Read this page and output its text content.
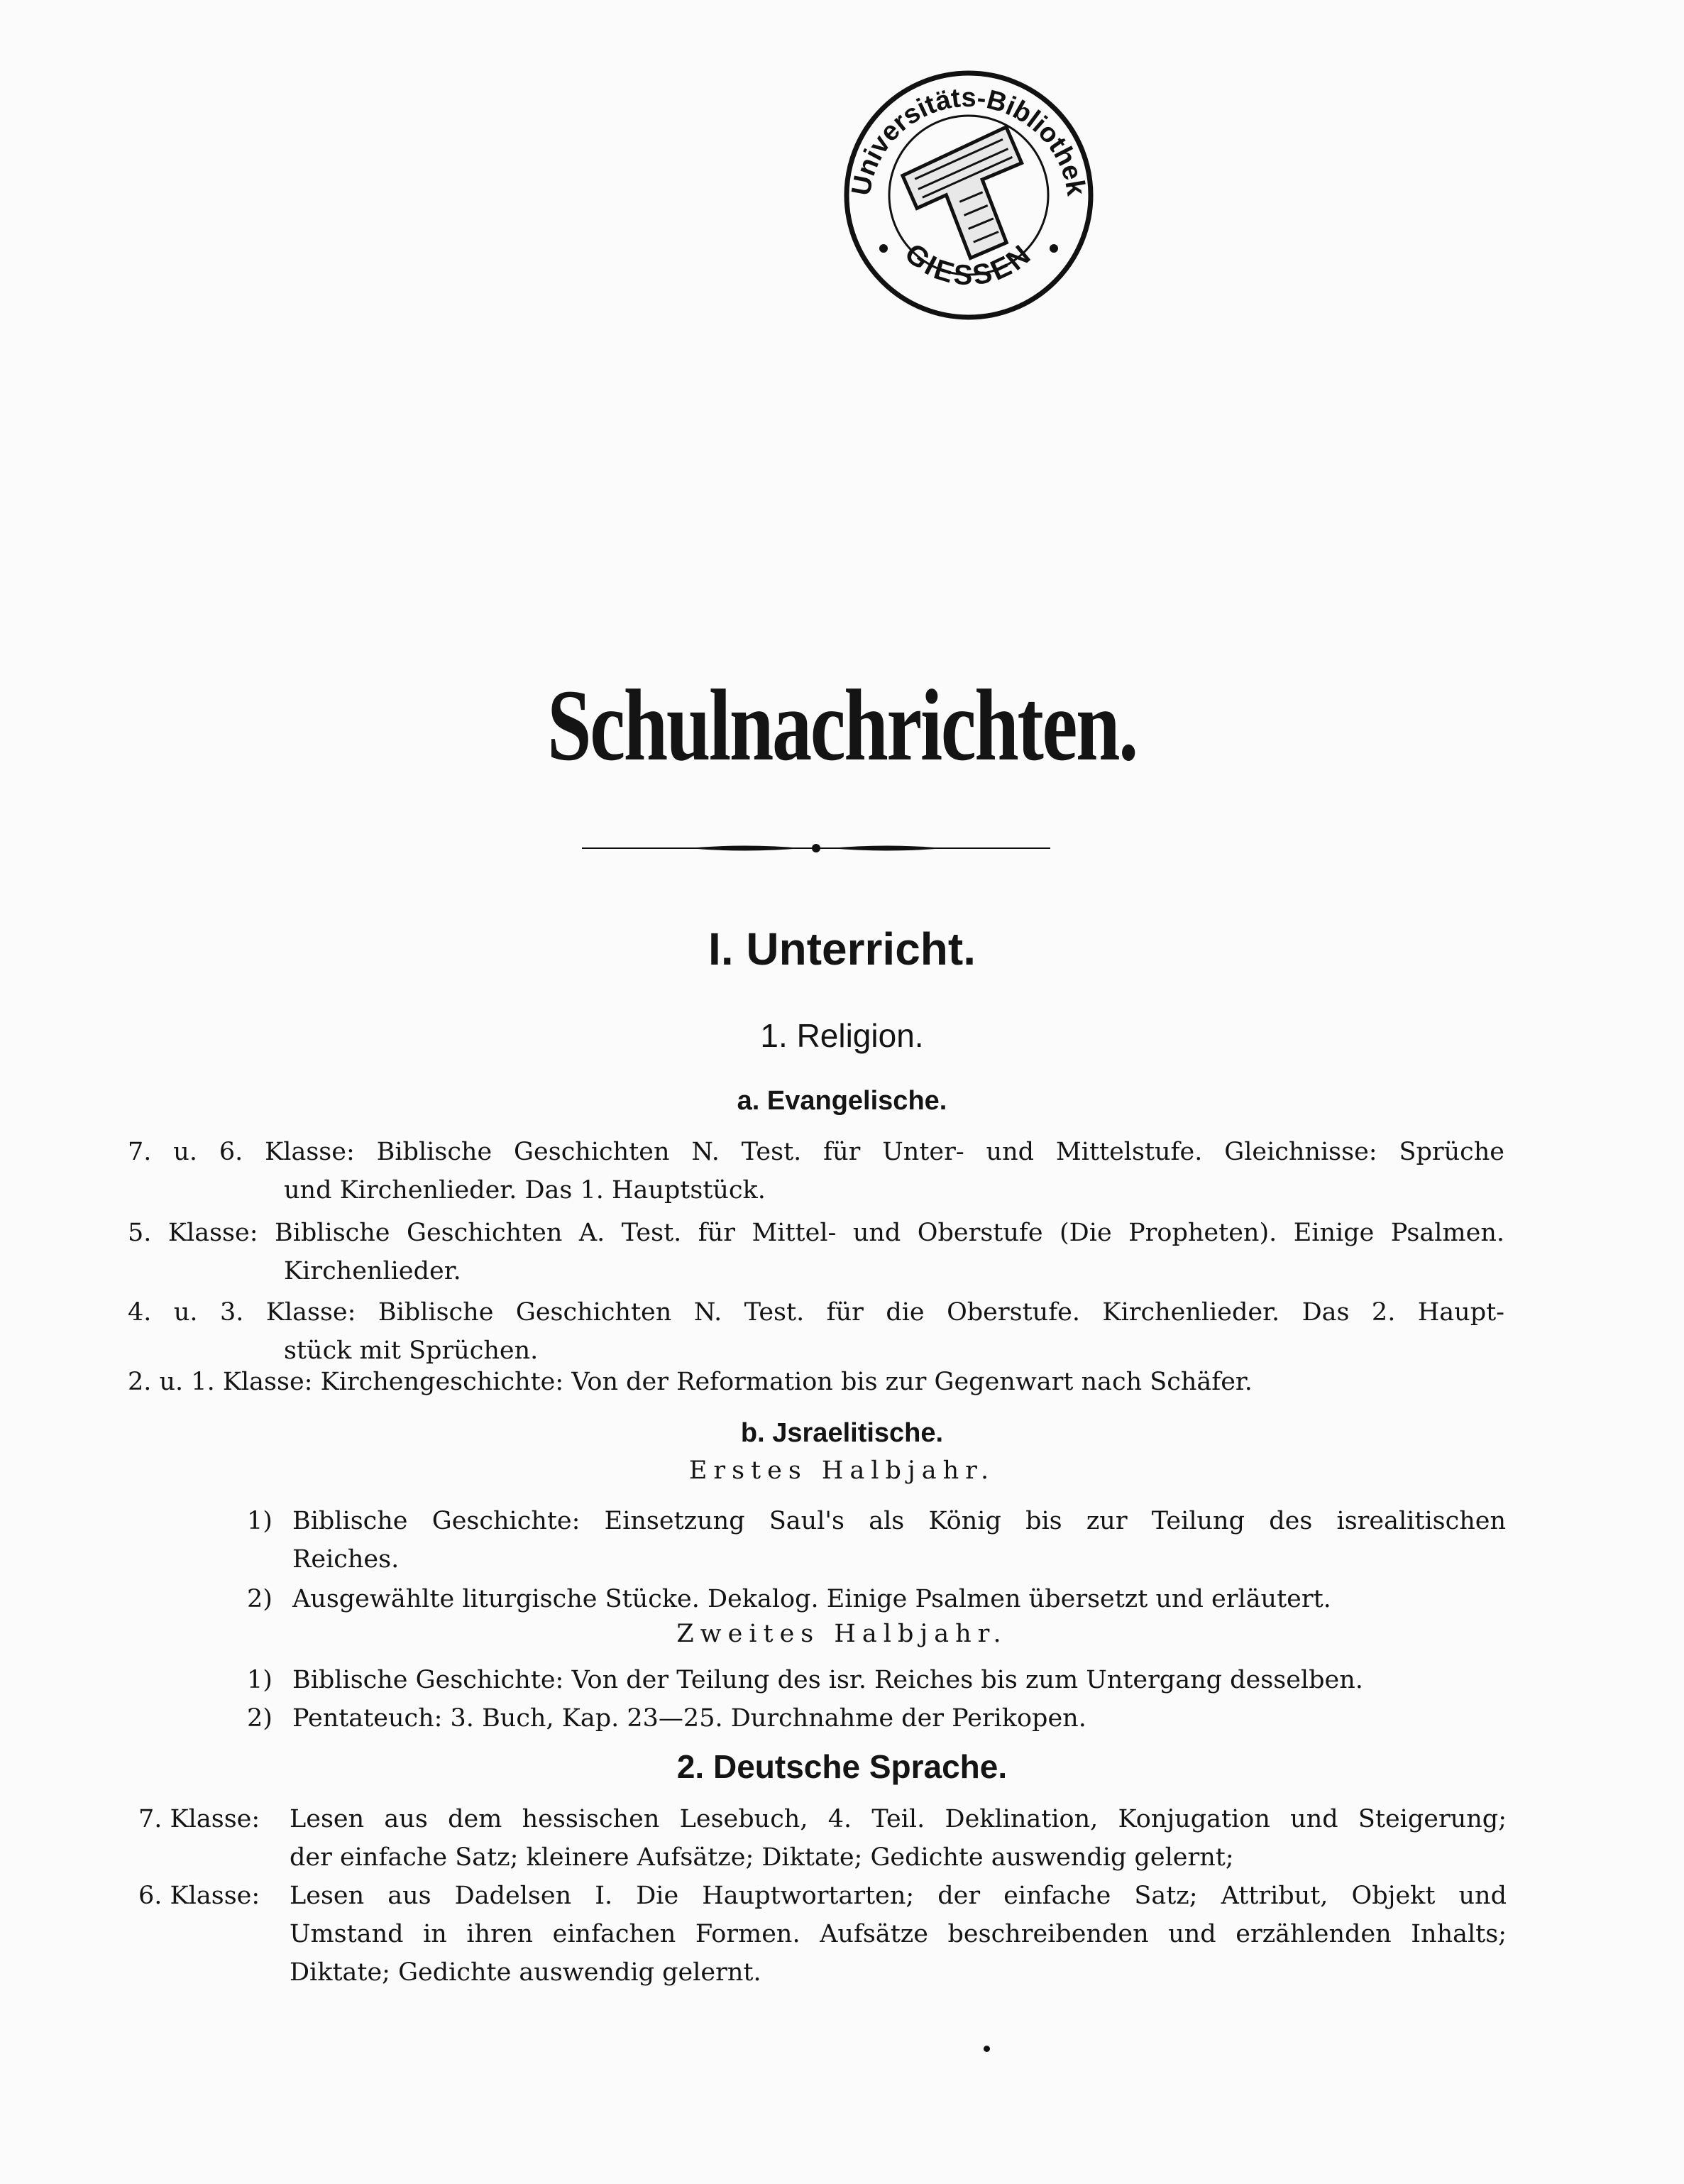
Universitäts-Bibliothek
GIESSEN
Schulnachrichten.
I. Unterricht.
1. Religion.
a. Evangelische.
7. u. 6. Klasse: Biblische Geschichten N. Test. für Unter- und Mittelstufe. Gleichnisse: Sprüche
und Kirchenlieder. Das 1. Hauptstück.
5. Klasse: Biblische Geschichten A. Test. für Mittel- und Oberstufe (Die Propheten). Einige Psalmen.
Kirchenlieder.
4. u. 3. Klasse: Biblische Geschichten N. Test. für die Oberstufe. Kirchenlieder. Das 2. Haupt-
stück mit Sprüchen.
2. u. 1. Klasse: Kirchengeschichte: Von der Reformation bis zur Gegenwart nach Schäfer.
b. Jsraelitische.
Erstes Halbjahr.
1) Biblische Geschichte: Einsetzung Saul's als König bis zur Teilung des isrealitischen
Reiches.
2) Ausgewählte liturgische Stücke. Dekalog. Einige Psalmen übersetzt und erläutert.
Zweites Halbjahr.
1) Biblische Geschichte: Von der Teilung des isr. Reiches bis zum Untergang desselben.
2) Pentateuch: 3. Buch, Kap. 23—25. Durchnahme der Perikopen.
2. Deutsche Sprache.
7. Klasse: Lesen aus dem hessischen Lesebuch, 4. Teil. Deklination, Konjugation und Steigerung;
der einfache Satz; kleinere Aufsätze; Diktate; Gedichte auswendig gelernt;
6. Klasse: Lesen aus Dadelsen I. Die Hauptwortarten; der einfache Satz; Attribut, Objekt und
Umstand in ihren einfachen Formen. Aufsätze beschreibenden und erzählenden Inhalts;
Diktate; Gedichte auswendig gelernt.
